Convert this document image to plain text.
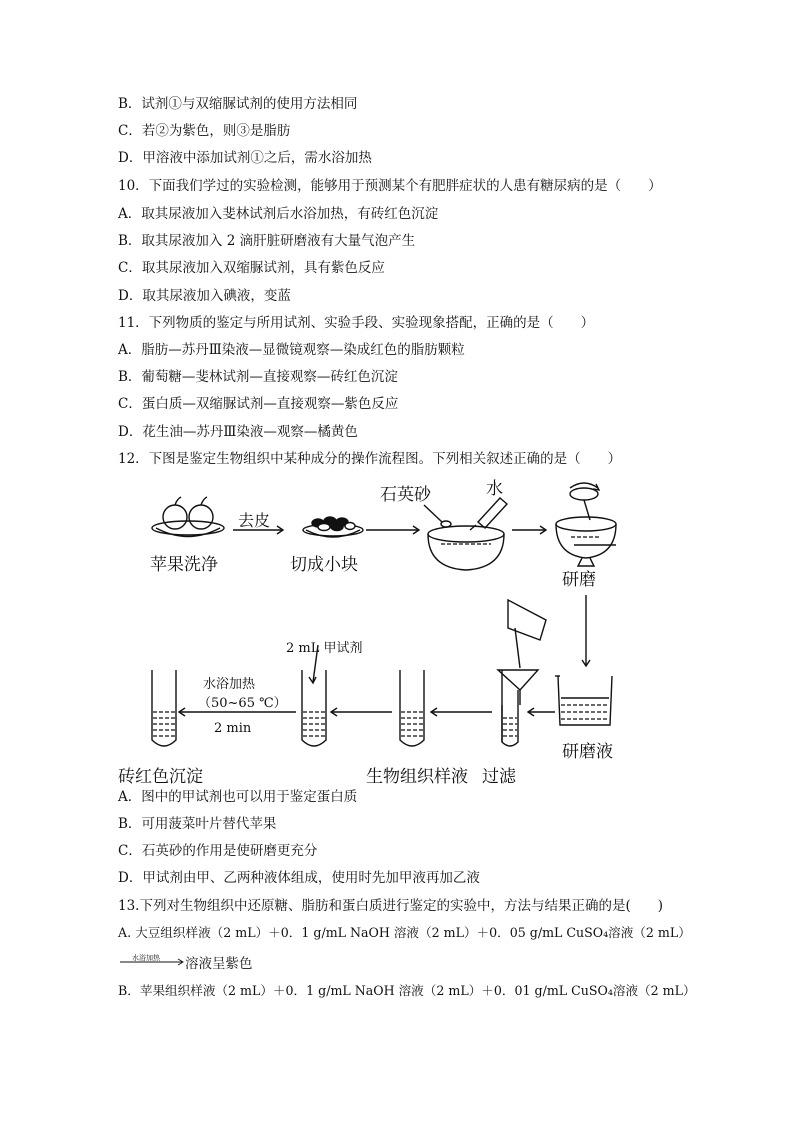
B．试剂①与双缩脲试剂的使用方法相同
C．若②为紫色，则③是脂肪
D．甲溶液中添加试剂①之后，需水浴加热
10．下面我们学过的实验检测，能够用于预测某个有肥胖症状的人患有糖尿病的是（　　）
A．取其尿液加入斐林试剂后水浴加热，有砖红色沉淀
B．取其尿液加入 2 滴肝脏研磨液有大量气泡产生
C．取其尿液加入双缩脲试剂，具有紫色反应
D．取其尿液加入碘液，变蓝
11．下列物质的鉴定与所用试剂、实验手段、实验现象搭配，正确的是（　　）
A．脂肪—苏丹Ⅲ染液—显微镜观察—染成红色的脂肪颗粒
B．葡萄糖—斐林试剂—直接观察—砖红色沉淀
C．蛋白质—双缩脲试剂—直接观察—紫色反应
D．花生油—苏丹Ⅲ染液—观察—橘黄色
12．下图是鉴定生物组织中某种成分的操作流程图。下列相关叙述正确的是（　　）
苹果洗净
去皮
切成小块
石英砂	水
研磨
2 mL 甲试剂
水浴加热
（50~65 ℃）
2 min
砖红色沉淀	生物组织样液 过滤
研磨液
A．图中的甲试剂也可以用于鉴定蛋白质
B．可用菠菜叶片替代苹果
C．石英砂的作用是使研磨更充分
D．甲试剂由甲、乙两种液体组成，使用时先加甲液再加乙液
13.下列对生物组织中还原糖、脂肪和蛋白质进行鉴定的实验中，方法与结果正确的是(　　)
A. 大豆组织样液（2 mL）＋0．1 g/mL NaOH 溶液（2 mL）＋0．05 g/mL CuSO₄溶液（2 mL）
水浴加热 溶液呈紫色
B．苹果组织样液（2 mL）＋0．1 g/mL NaOH 溶液（2 mL）＋0．01 g/mL CuSO₄溶液（2 mL）
